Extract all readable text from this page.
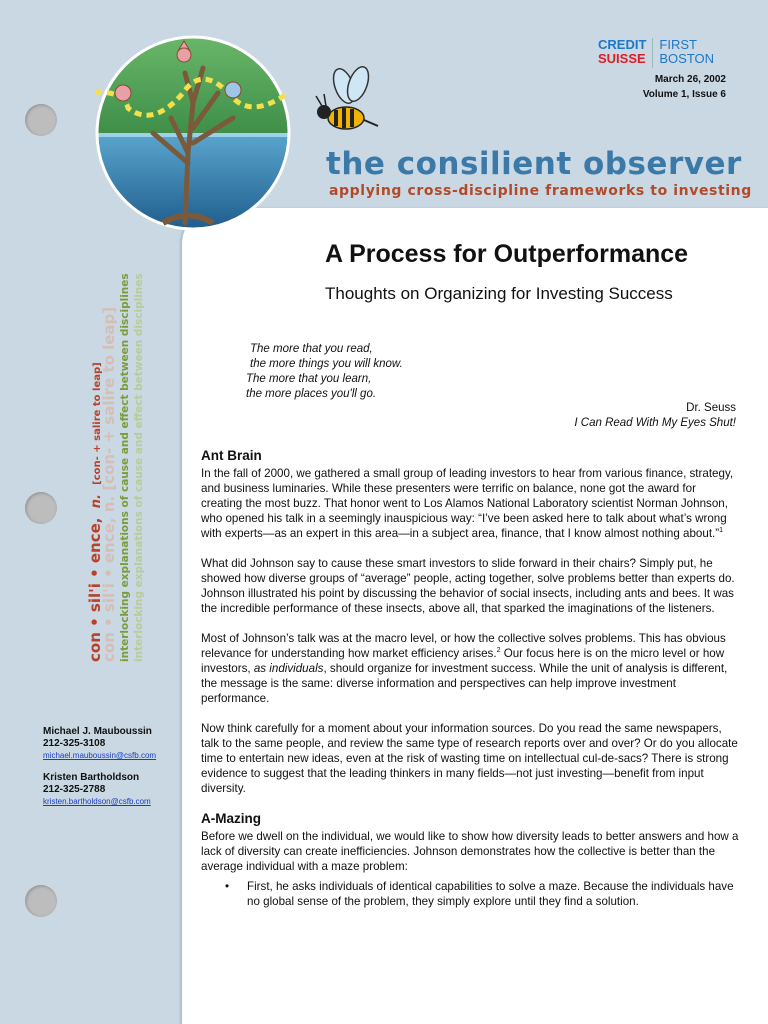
CREDIT
SUISSEFIRST
BOSTON
March 26, 2002
Volume 1, Issue 6
the consilient observer
applying cross-discipline frameworks to investing
con • sil'i • ence, n. [con- + salire to leap]
con • sil'i • ence, n. [con- + salire to leap] interlocking explanations of cause and effect between disciplines interlocking explanations of cause and effect between disciplines
Michael J. Mauboussin
212-325-3108
michael.mauboussin@csfb.com
Kristen Bartholdson
212-325-2788
kristen.bartholdson@csfb.com
A Process for Outperformance
Thoughts on Organizing for Investing Success
The more that you read,
the more things you will know.
The more that you learn,
the more places you'll go.
Dr. Seuss
I Can Read With My Eyes Shut!
Ant Brain

In the fall of 2000, we gathered a small group of leading investors to hear from various finance, strategy, and business luminaries. While these presenters were terrific on balance, none got the award for creating the most buzz. That honor went to Los Alamos National Laboratory scientist Norman Johnson, who opened his talk in a seemingly inauspicious way: “I’ve been asked here to talk about what’s wrong with experts—as an expert in this area—in a subject area, finance, that I know almost nothing about.”$^1$

What did Johnson say to cause these smart investors to slide forward in their chairs? Simply put, he showed how diverse groups of “average” people, acting together, solve problems better than experts do. Johnson illustrated his point by discussing the behavior of social insects, including ants and bees. It was the incredible performance of these insects, above all, that sparked the imaginations of the listeners.

Most of Johnson’s talk was at the macro level, or how the collective solves problems. This has obvious relevance for understanding how market efficiency arises.$^2$ Our focus here is on the micro level or how investors, as individuals, should organize for investment success. While the unit of analysis is different, the message is the same: diverse information and perspectives can help improve investment performance.

Now think carefully for a moment about your information sources. Do you read the same newspapers, talk to the same people, and review the same type of research reports over and over? Or do you allocate time to entertain new ideas, even at the risk of wasting time on intellectual cul-de-sacs? There is strong evidence to suggest that the leading thinkers in many fields—not just investing—benefit from input diversity.

A-Mazing

Before we dwell on the individual, we would like to show how diversity leads to better answers and how a lack of diversity can create inefficiencies. Johnson demonstrates how the collective is better than the average individual with a maze problem:

• First, he asks individuals of identical capabilities to solve a maze. Because the individuals have no global sense of the problem, they simply explore until they find a solution.
